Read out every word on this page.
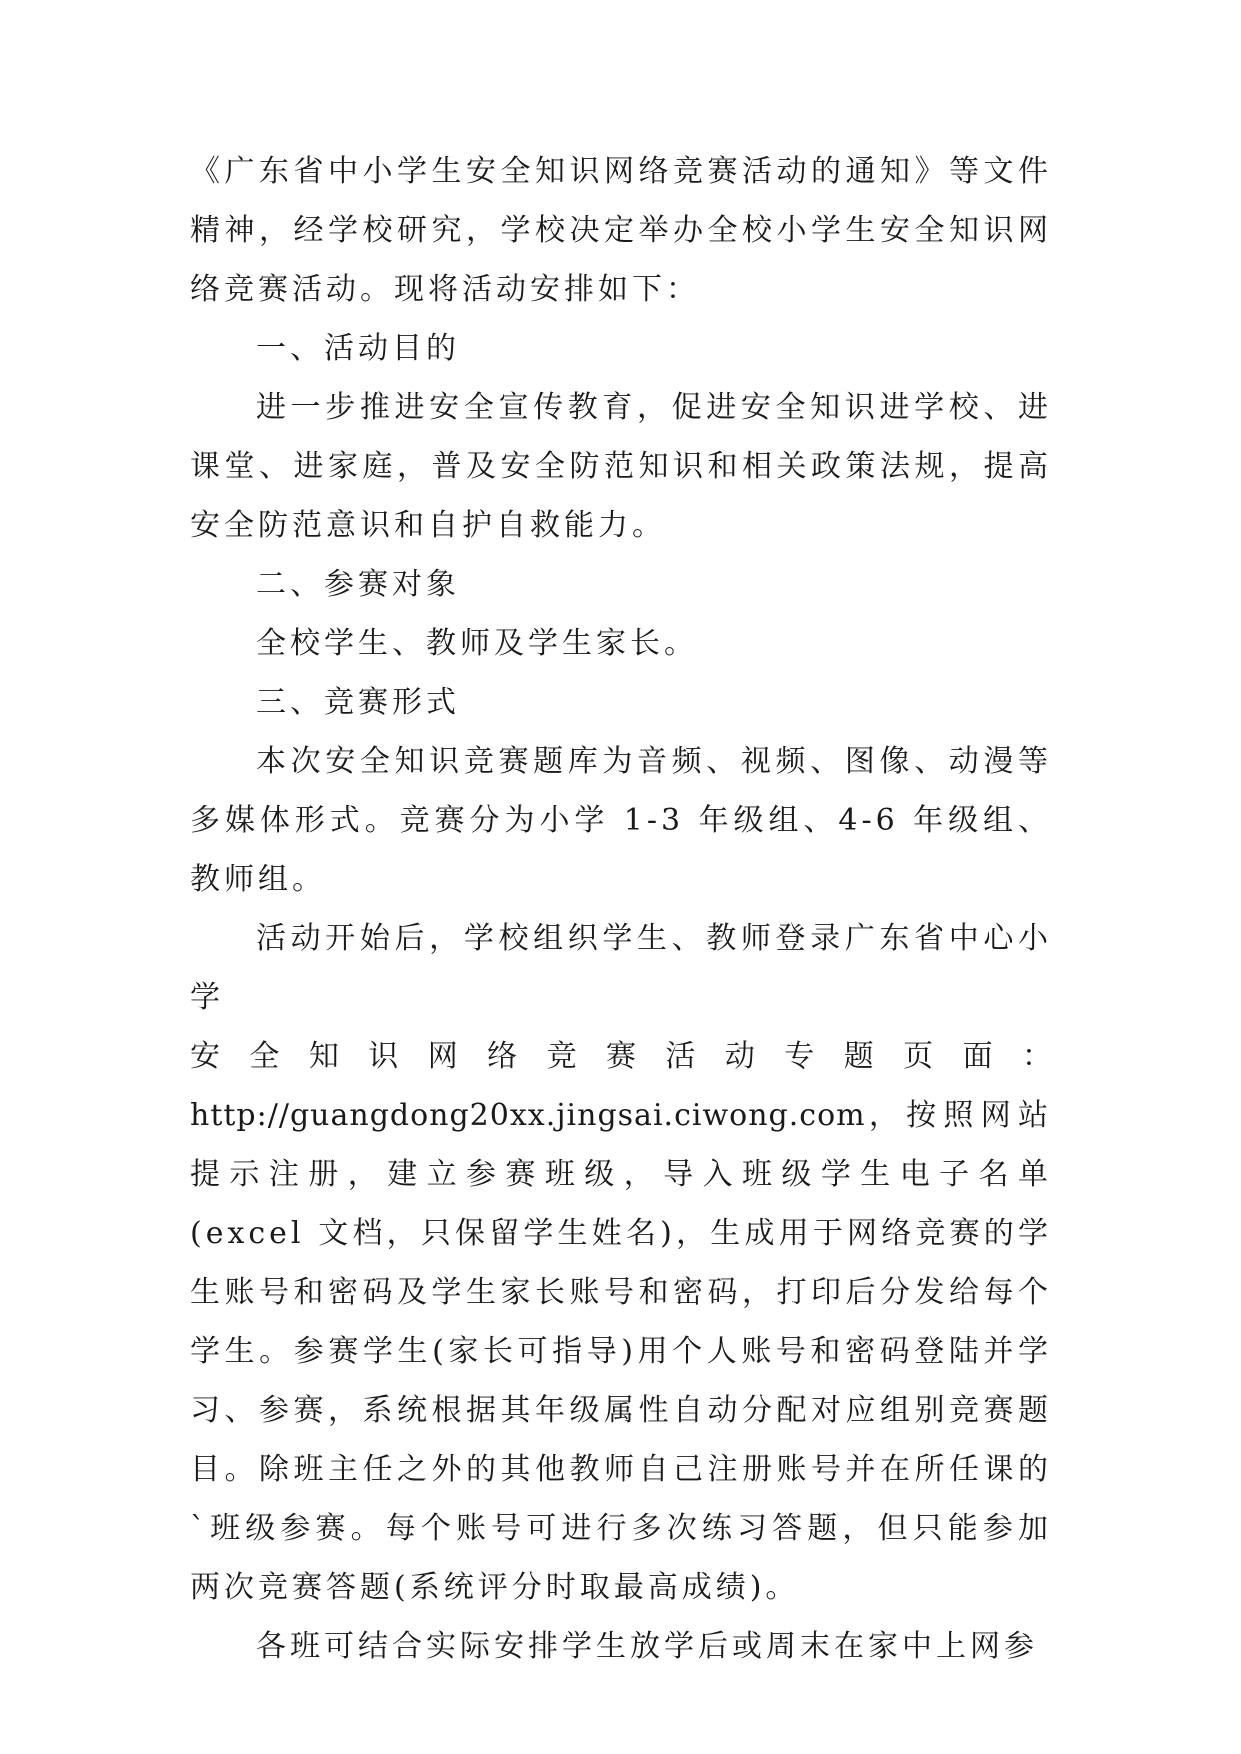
《广东省中小学生安全知识网络竞赛活动的通知》等文件精神，经学校研究，学校决定举办全校小学生安全知识网络竞赛活动。现将活动安排如下：

一、活动目的

进一步推进安全宣传教育，促进安全知识进学校、进课堂、进家庭，普及安全防范知识和相关政策法规，提高安全防范意识和自护自救能力。

二、参赛对象

全校学生、教师及学生家长。

三、竞赛形式

本次安全知识竞赛题库为音频、视频、图像、动漫等多媒体形式。竞赛分为小学 1-3 年级组、4-6 年级组、教师组。

活动开始后，学校组织学生、教师登录广东省中心小学

安全知识网络竞赛活动专题页面：

http://guangdong20xx.jingsai.ciwong.com，按照网站提示注册，建立参赛班级，导入班级学生电子名单(excel 文档，只保留学生姓名)，生成用于网络竞赛的学生账号和密码及学生家长账号和密码，打印后分发给每个学生。参赛学生(家长可指导)用个人账号和密码登陆并学习、参赛，系统根据其年级属性自动分配对应组别竞赛题目。除班主任之外的其他教师自己注册账号并在所任课的`班级参赛。每个账号可进行多次练习答题，但只能参加两次竞赛答题(系统评分时取最高成绩)。

各班可结合实际安排学生放学后或周末在家中上网参
